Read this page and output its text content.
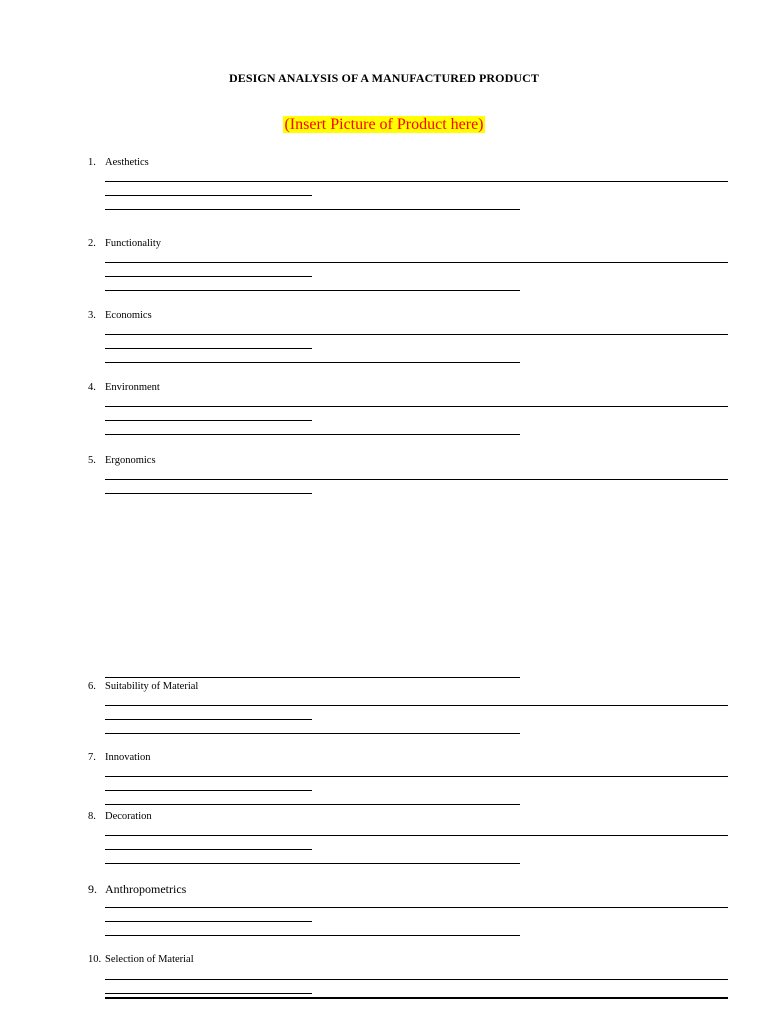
DESIGN ANALYSIS OF A MANUFACTURED PRODUCT
(Insert Picture of Product here)
1. Aesthetics
2. Functionality
3. Economics
4. Environment
5. Ergonomics
6. Suitability of Material
7. Innovation
8. Decoration
9. Anthropometrics
10. Selection of Material
